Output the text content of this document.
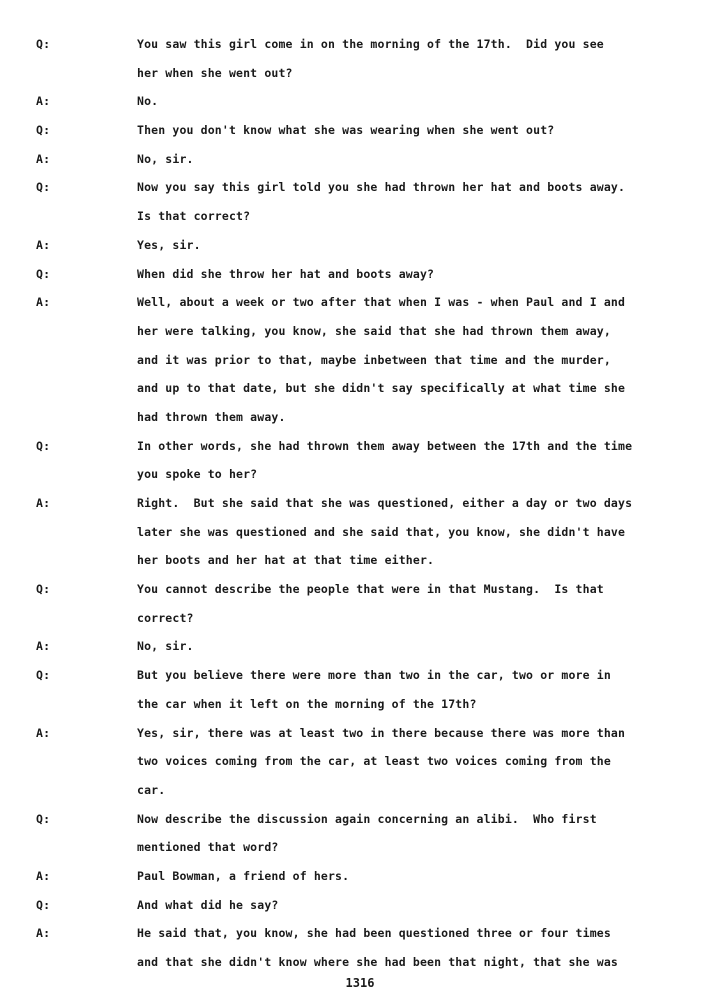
Q:	You saw this girl come in on the morning of the 17th.  Did you see
her when she went out?
A:	No.
Q:	Then you don't know what she was wearing when she went out?
A:	No, sir.
Q:	Now you say this girl told you she had thrown her hat and boots away.
Is that correct?
A:	Yes, sir.
Q:	When did she throw her hat and boots away?
A:	Well, about a week or two after that when I was - when Paul and I and
her were talking, you know, she said that she had thrown them away,
and it was prior to that, maybe inbetween that time and the murder,
and up to that date, but she didn't say specifically at what time she
had thrown them away.
Q:	In other words, she had thrown them away between the 17th and the time
you spoke to her?
A:	Right.  But she said that she was questioned, either a day or two days
later she was questioned and she said that, you know, she didn't have
her boots and her hat at that time either.
Q:	You cannot describe the people that were in that Mustang.  Is that
correct?
A:	No, sir.
Q:	But you believe there were more than two in the car, two or more in
the car when it left on the morning of the 17th?
A:	Yes, sir, there was at least two in there because there was more than
two voices coming from the car, at least two voices coming from the
car.
Q:	Now describe the discussion again concerning an alibi.  Who first
mentioned that word?
A:	Paul Bowman, a friend of hers.
Q:	And what did he say?
A:	He said that, you know, she had been questioned three or four times
and that she didn't know where she had been that night, that she was
1316
